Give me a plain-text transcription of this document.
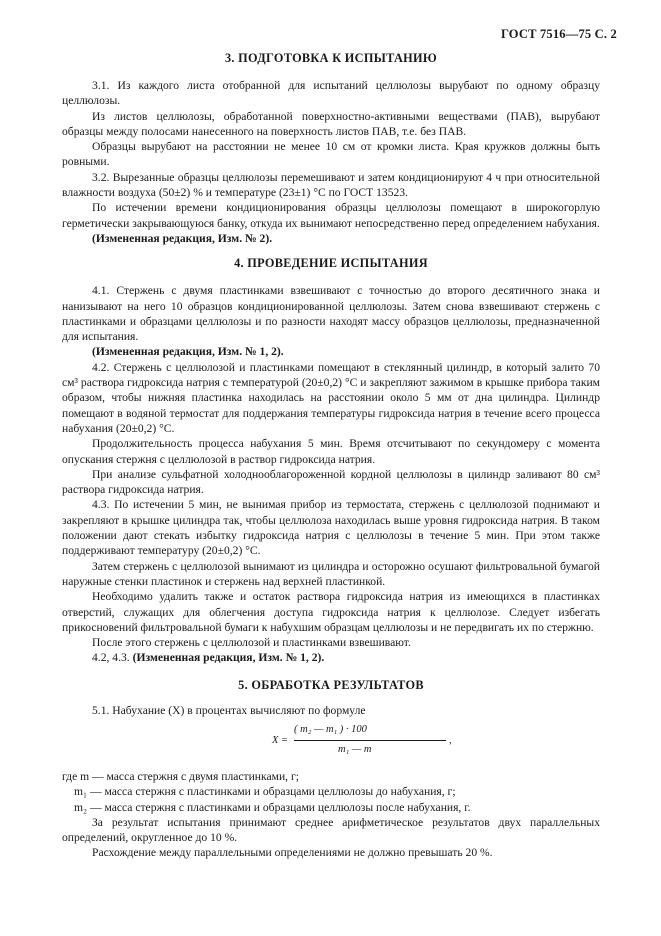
ГОСТ 7516—75 С. 2
3. ПОДГОТОВКА К ИСПЫТАНИЮ

3.1. Из каждого листа отобранной для испытаний целлюлозы вырубают по одному образцу целлюлозы.

Из листов целлюлозы, обработанной поверхностно-активными веществами (ПАВ), вырубают образцы между полосами нанесенного на поверхность листов ПАВ, т.е. без ПАВ.

Образцы вырубают на расстоянии не менее 10 см от кромки листа. Края кружков должны быть ровными.

3.2. Вырезанные образцы целлюлозы перемешивают и затем кондиционируют 4 ч при относительной влажности воздуха (50±2) % и температуре (23±1) °С по ГОСТ 13523.

По истечении времени кондиционирования образцы целлюлозы помещают в широкогорлую герметически закрывающуюся банку, откуда их вынимают непосредственно перед определением набухания.

(Измененная редакция, Изм. № 2).

4. ПРОВЕДЕНИЕ ИСПЫТАНИЯ

4.1. Стержень с двумя пластинками взвешивают с точностью до второго десятичного знака и нанизывают на него 10 образцов кондиционированной целлюлозы. Затем снова взвешивают стержень с пластинками и образцами целлюлозы и по разности находят массу образцов целлюлозы, предназначенной для испытания.

(Измененная редакция, Изм. № 1, 2).

4.2. Стержень с целлюлозой и пластинками помещают в стеклянный цилиндр, в который залито 70 см³ раствора гидроксида натрия с температурой (20±0,2) °С и закрепляют зажимом в крышке прибора таким образом, чтобы нижняя пластинка находилась на расстоянии около 5 мм от дна цилиндра. Цилиндр помещают в водяной термостат для поддержания температуры гидроксида натрия в течение всего процесса набухания (20±0,2) °С.

Продолжительность процесса набухания 5 мин. Время отсчитывают по секундомеру с момента опускания стержня с целлюлозой в раствор гидроксида натрия.

При анализе сульфатной холоднооблагороженной кордной целлюлозы в цилиндр заливают 80 см³ раствора гидроксида натрия.

4.3. По истечении 5 мин, не вынимая прибор из термостата, стержень с целлюлозой поднимают и закрепляют в крышке цилиндра так, чтобы целлюлоза находилась выше уровня гидроксида натрия. В таком положении дают стекать избытку гидроксида натрия с целлюлозы в течение 5 мин. При этом также поддерживают температуру (20±0,2) °С.

Затем стержень с целлюлозой вынимают из цилиндра и осторожно осушают фильтровальной бумагой наружные стенки пластинок и стержень над верхней пластинкой.

Необходимо удалить также и остаток раствора гидроксида натрия из имеющихся в пластинках отверстий, служащих для облегчения доступа гидроксида натрия к целлюлозе. Следует избегать прикосновений фильтровальной бумаги к набухшим образцам целлюлозы и не передвигать их по стержню.

После этого стержень с целлюлозой и пластинками взвешивают.

4.2, 4.3. (Измененная редакция, Изм. № 1, 2).

5. ОБРАБОТКА РЕЗУЛЬТАТОВ

5.1. Набухание (X) в процентах вычисляют по формуле

X =
( m₂ — m₁ ) · 100
m₁ — m
,

где m — масса стержня с двумя пластинками, г;

m₁ — масса стержня с пластинками и образцами целлюлозы до набухания, г;

m₂ — масса стержня с пластинками и образцами целлюлозы после набухания, г.

За результат испытания принимают среднее арифметическое результатов двух параллельных определений, округленное до 10 %.

Расхождение между параллельными определениями не должно превышать 20 %.
